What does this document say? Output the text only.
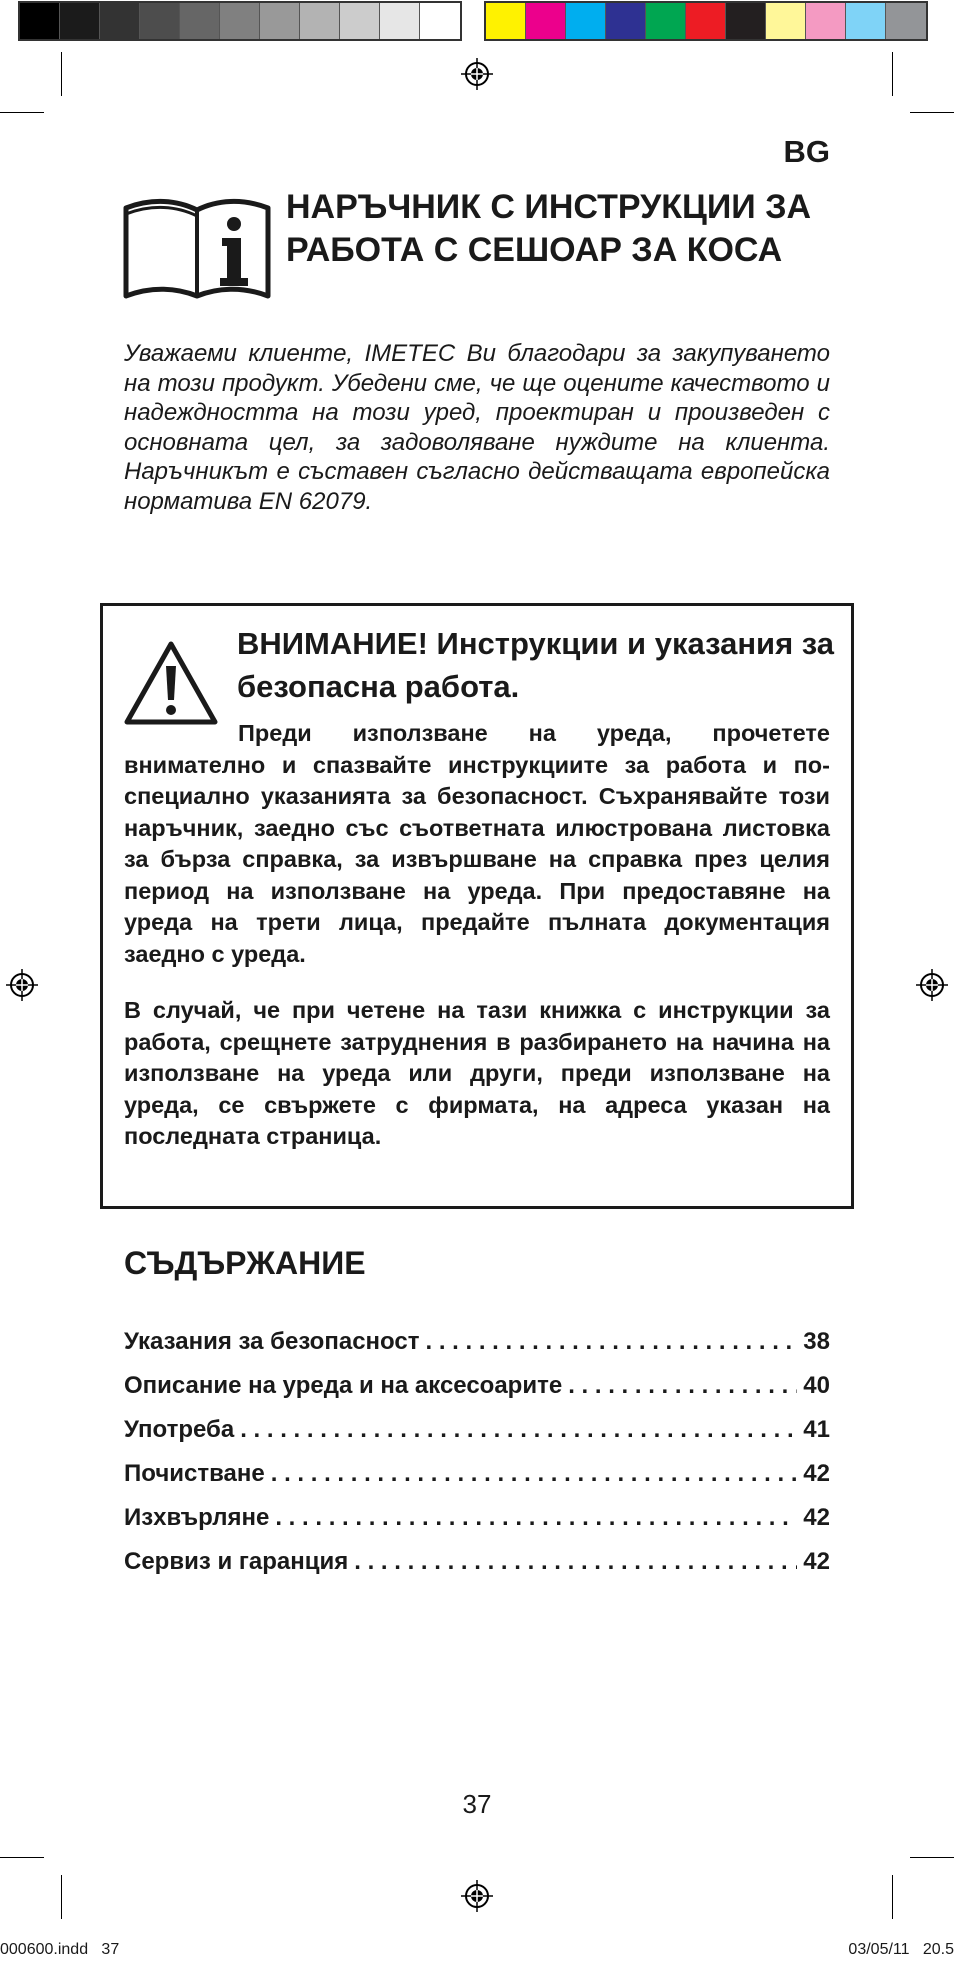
BG
НАРЪЧНИК С ИНСТРУКЦИИ ЗА РАБОТА С СЕШОАР ЗА КОСА
Уважаеми клиенте, IMETEC Ви благодари за закупуването на този продукт. Убедени сме, че ще оцените качеството и надеждността на този уред, проектиран и произведен с основната цел, за задоволяване нуждите на клиента. Наръчникът е съставен съгласно действащата европейска норматива EN 62079.
ВНИМАНИЕ! Инструкции и указания за безопасна работа.
Преди използване на уреда, прочетете внимателно и спазвайте инструкциите за работа и по-специално указанията за безопасност. Съхранявайте този наръчник, заедно със съответната илюстрована листовка за бърза справка, за извършване на справка през целия период на използване на уреда. При предоставяне на уреда на трети лица, предайте пълната документация заедно с уреда.
В случай, че при четене на тази книжка с инструкции за работа, срещнете затруднения в разбирането на начина на използване на уреда или други, преди използване на уреда, се свържете с фирмата, на адреса указан на последната страница.
СЪДЪРЖАНИЕ
Указания за безопасност . . .	38
Описание на уреда и на аксесоарите . . .	40
Употреба . . .	41
Почистване . . .	42
Изхвърляне . . .	42
Сервиз и гаранция . . .	42
37
000600.indd   37	03/05/11   20.5
